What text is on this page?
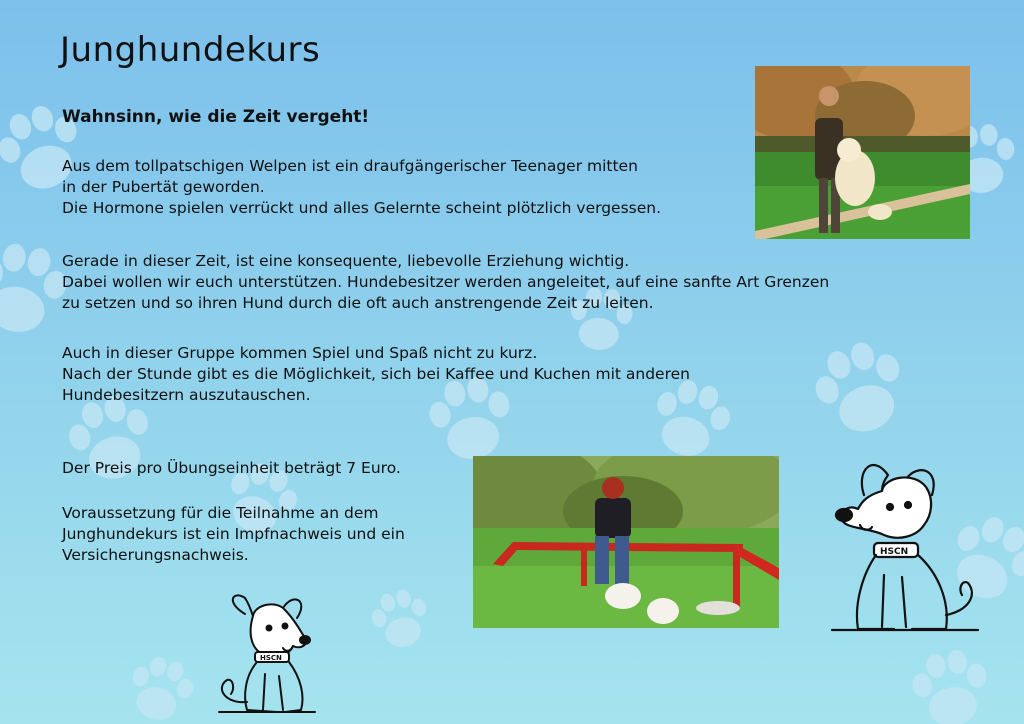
Junghundekurs
Wahnsinn, wie die Zeit vergeht!

Aus dem tollpatschigen Welpen ist ein draufgängerischer Teenager mitten
in der Pubertät geworden.
Die Hormone spielen verrückt und alles Gelernte scheint plötzlich vergessen.

Gerade in dieser Zeit, ist eine konsequente, liebevolle Erziehung wichtig.
Dabei wollen wir euch unterstützen. Hundebesitzer werden angeleitet, auf eine sanfte Art Grenzen
zu setzen und so ihren Hund durch die oft auch anstrengende Zeit zu leiten.

Auch in dieser Gruppe kommen Spiel und Spaß nicht zu kurz.
Nach der Stunde gibt es die Möglichkeit, sich bei Kaffee und Kuchen mit anderen
Hundebesitzern auszutauschen.

Der Preis pro Übungseinheit beträgt 7 Euro.

Voraussetzung für die Teilnahme an dem
Junghundekurs ist ein Impfnachweis und ein
Versicherungsnachweis.

HSCN
HSCN
